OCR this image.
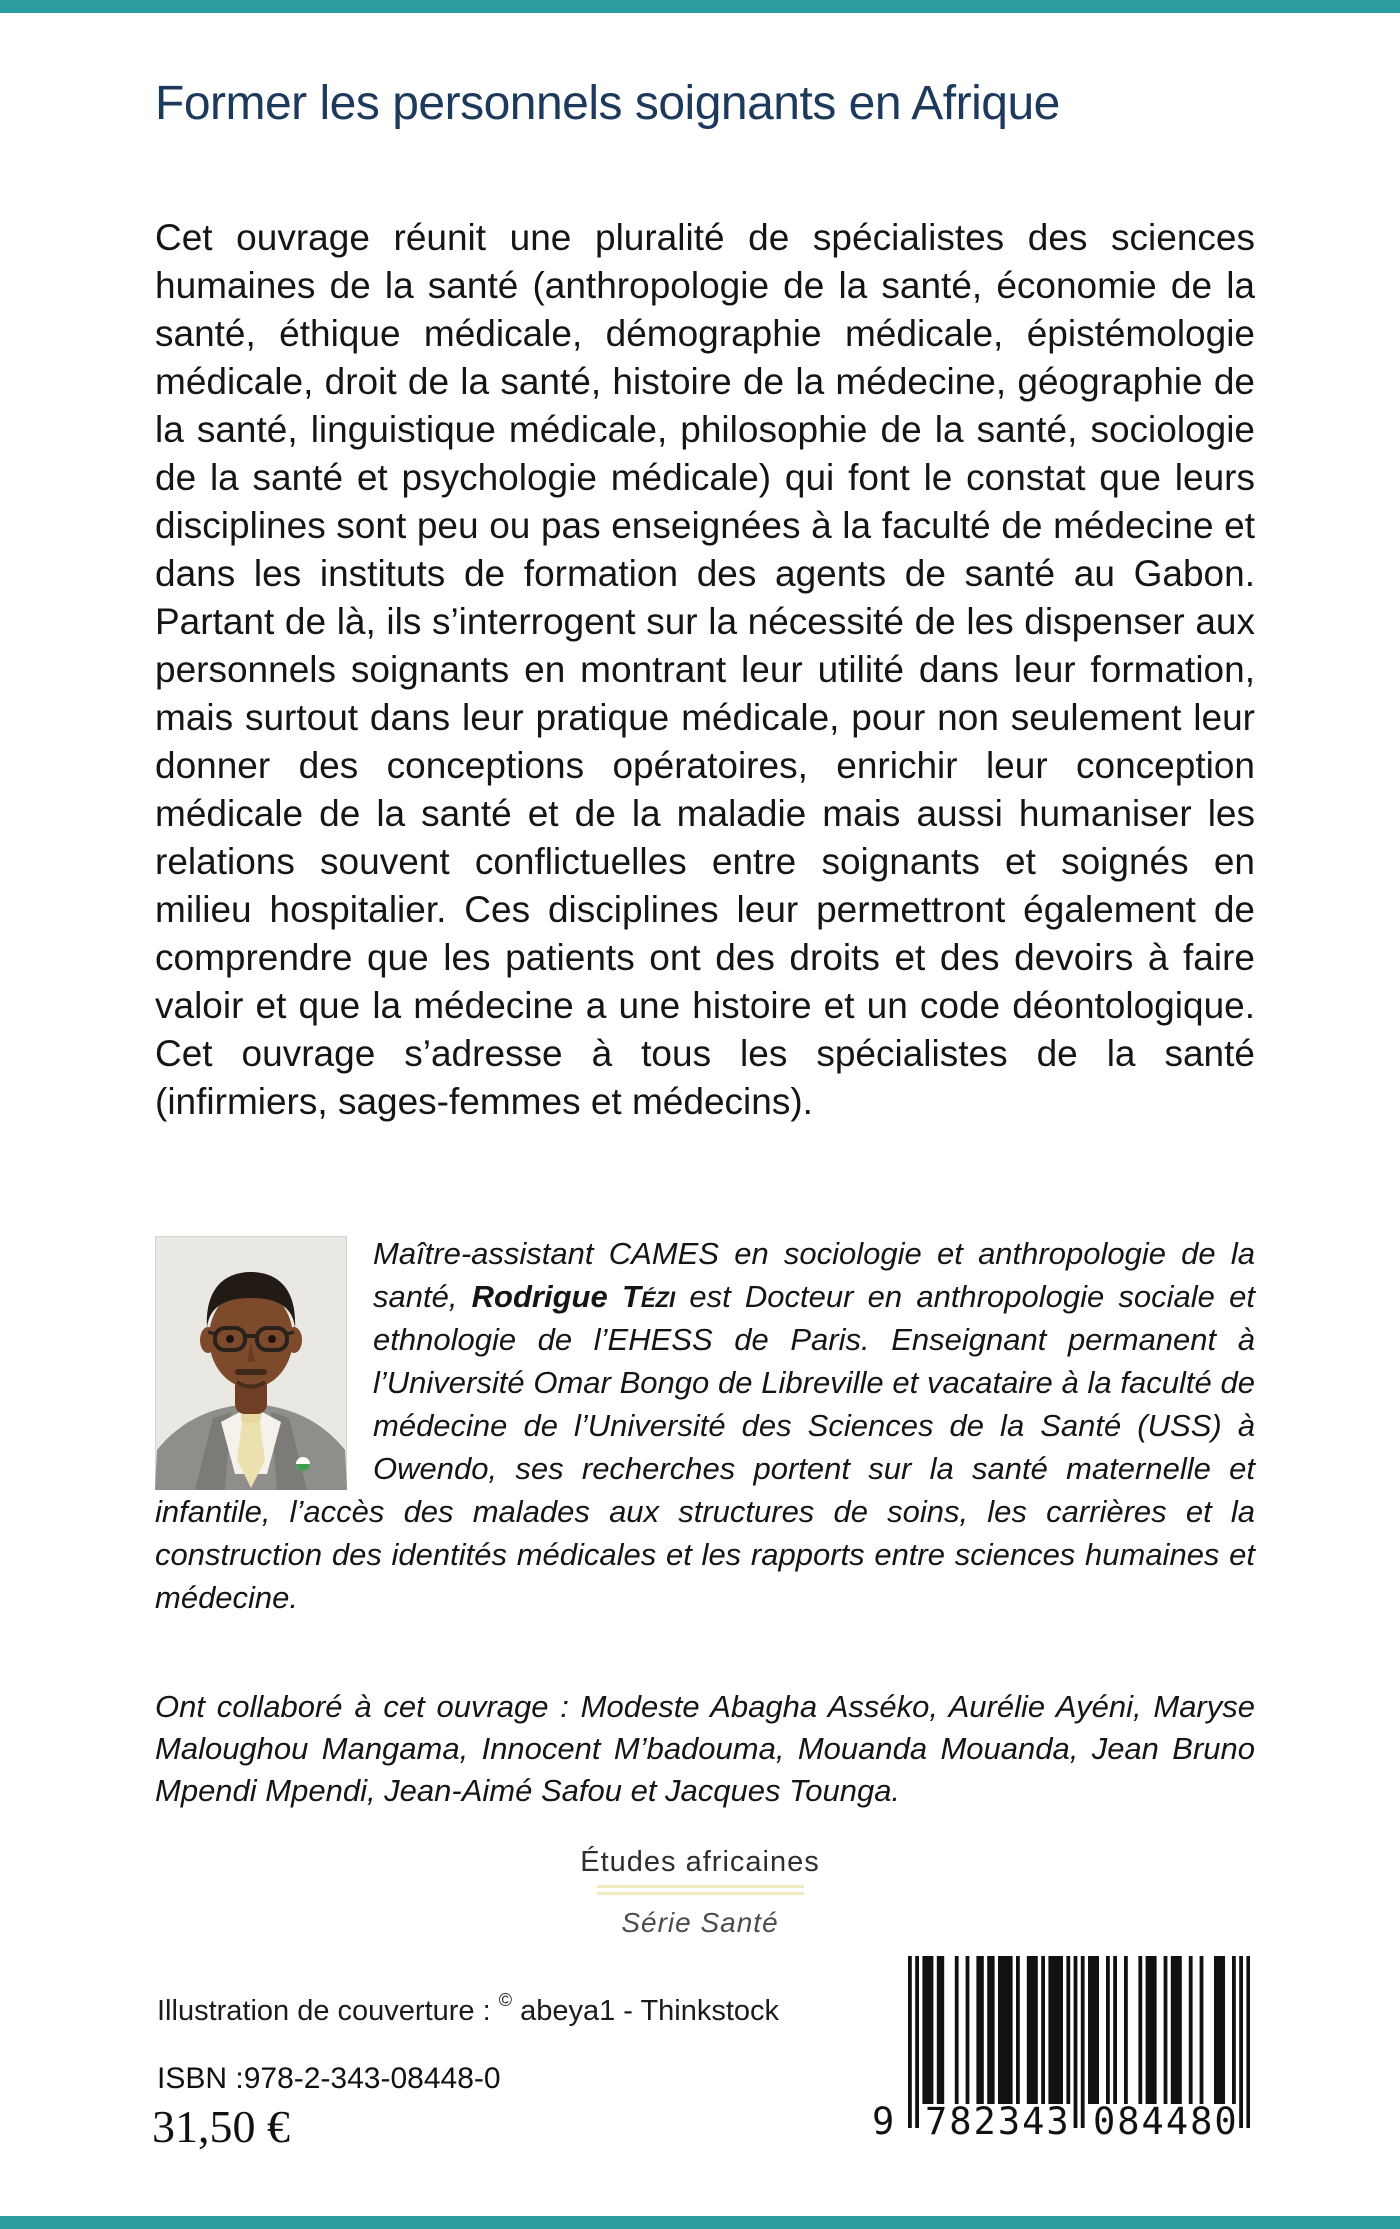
Former les personnels soignants en Afrique

Cet ouvrage réunit une pluralité de spécialistes des sciences humaines de la santé (anthropologie de la santé, économie de la santé, éthique médicale, démographie médicale, épistémologie médicale, droit de la santé, histoire de la médecine, géographie de la santé, linguistique médicale, philosophie de la santé, sociologie de la santé et psychologie médicale) qui font le constat que leurs disciplines sont peu ou pas enseignées à la faculté de médecine et dans les instituts de formation des agents de santé au Gabon. Partant de là, ils s’interrogent sur la nécessité de les dispenser aux personnels soignants en montrant leur utilité dans leur formation, mais surtout dans leur pratique médicale, pour non seulement leur donner des conceptions opératoires, enrichir leur conception médicale de la santé et de la maladie mais aussi humaniser les relations souvent conflictuelles entre soignants et soignés en milieu hospitalier. Ces disciplines leur permettront également de comprendre que les patients ont des droits et des devoirs à faire valoir et que la médecine a une histoire et un code déontologique. Cet ouvrage s’adresse à tous les spécialistes de la santé (infirmiers, sages-femmes et médecins).

Maître-assistant CAMES en sociologie et anthropologie de la santé, Rodrigue Tézi est Docteur en anthropologie sociale et ethnologie de l’EHESS de Paris. Enseignant permanent à l’Université Omar Bongo de Libreville et vacataire à la faculté de médecine de l’Université des Sciences de la Santé (USS) à Owendo, ses recherches portent sur la santé maternelle et infantile, l’accès des malades aux structures de soins, les carrières et la construction des identités médicales et les rapports entre sciences humaines et médecine.

Ont collaboré à cet ouvrage : Modeste Abagha Asséko, Aurélie Ayéni, Maryse Maloughou Mangama, Innocent M’badouma, Mouanda Mouanda, Jean Bruno Mpendi Mpendi, Jean-Aimé Safou et Jacques Tounga.

Études africaines
Série Santé
Illustration de couverture : © abeya1 - Thinkstock
ISBN :978-2-343-08448-0
31,50 €	9 782343 084480
